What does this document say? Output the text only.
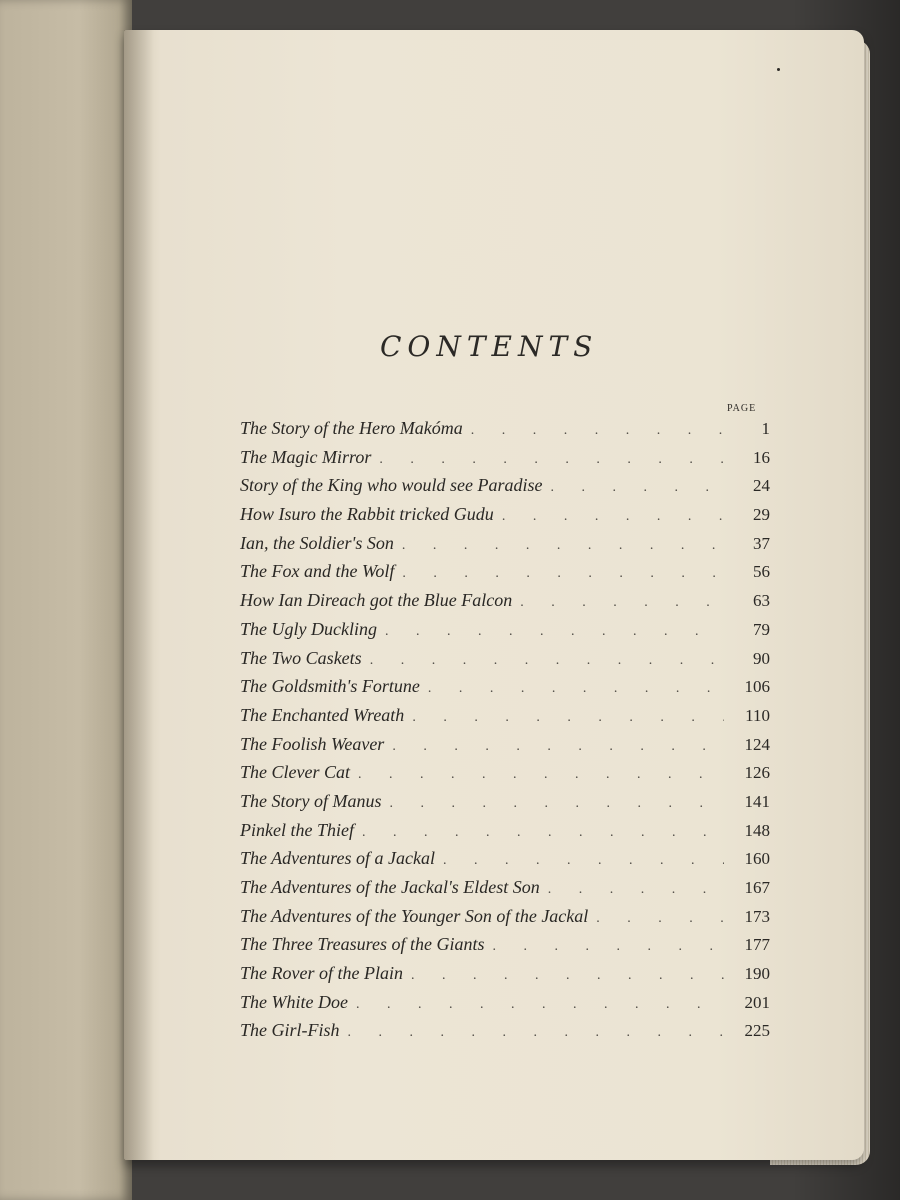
CONTENTS
PAGE
The Story of the Hero Makóma . . .	1
The Magic Mirror . . .	16
Story of the King who would see Paradise . . .	24
How Isuro the Rabbit tricked Gudu . . .	29
Ian, the Soldier's Son . . .	37
The Fox and the Wolf . . .	56
How Ian Direach got the Blue Falcon . . .	63
The Ugly Duckling . . .	79
The Two Caskets . . .	90
The Goldsmith's Fortune . . .	106
The Enchanted Wreath . . .	110
The Foolish Weaver . . .	124
The Clever Cat . . .	126
The Story of Manus . . .	141
Pinkel the Thief . . .	148
The Adventures of a Jackal . . .	160
The Adventures of the Jackal's Eldest Son . . .	167
The Adventures of the Younger Son of the Jackal . . .	173
The Three Treasures of the Giants . . .	177
The Rover of the Plain . . .	190
The White Doe . . .	201
The Girl-Fish . . .	225
